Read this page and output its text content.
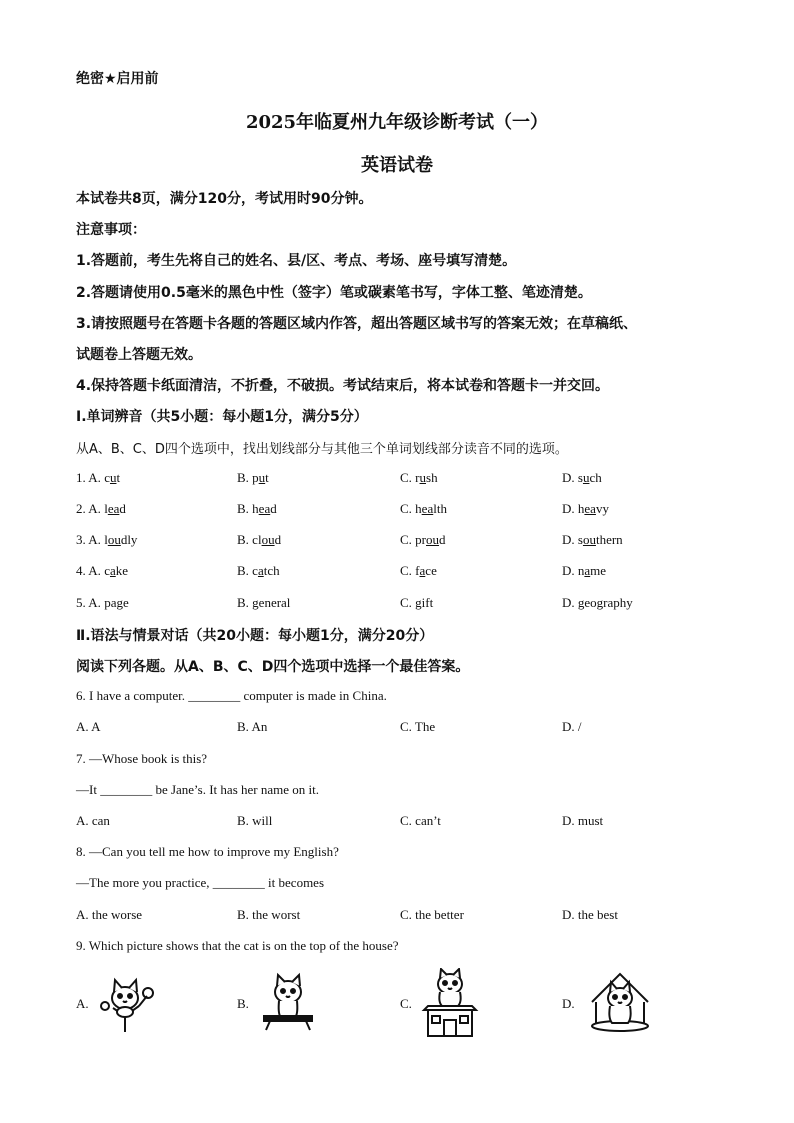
绝密★启用前
2025年临夏州九年级诊断考试（一）
英语试卷
本试卷共8页，满分120分，考试用时90分钟。
注意事项：
1.答题前，考生先将自己的姓名、县/区、考点、考场、座号填写清楚。
2.答题请使用0.5毫米的黑色中性（签字）笔或碳素笔书写，字体工整、笔迹清楚。
3.请按照题号在答题卡各题的答题区域内作答，超出答题区域书写的答案无效；在草稿纸、
试题卷上答题无效。
4.保持答题卡纸面清洁，不折叠，不破损。考试结束后，将本试卷和答题卡一并交回。
I.单词辨音（共5小题：每小题1分，满分5分）
从A、B、C、D四个选项中，找出划线部分与其他三个单词划线部分读音不同的选项。
1. A. cut	B. put	C. rush	D. such
2. A. lead	B. head	C. health	D. heavy
3. A. loudly	B. cloud	C. proud	D. southern
4. A. cake	B. catch	C. face	D. name
5. A. page	B. general	C. gift	D. geography
Ⅱ.语法与情景对话（共20小题：每小题1分，满分20分）
阅读下列各题。从A、B、C、D四个选项中选择一个最佳答案。
6. I have a computer. ________ computer is made in China.
A. A	B. An	C. The	D. /
7. —Whose book is this?
—It ________ be Jane’s. It has her name on it.
A. can	B. will	C. can’t	D. must
8. —Can you tell me how to improve my English?
—The more you practice, ________ it becomes
A. the worse	B. the worst	C. the better	D. the best
9. Which picture shows that the cat is on the top of the house?
A.	B.	C.	D.
